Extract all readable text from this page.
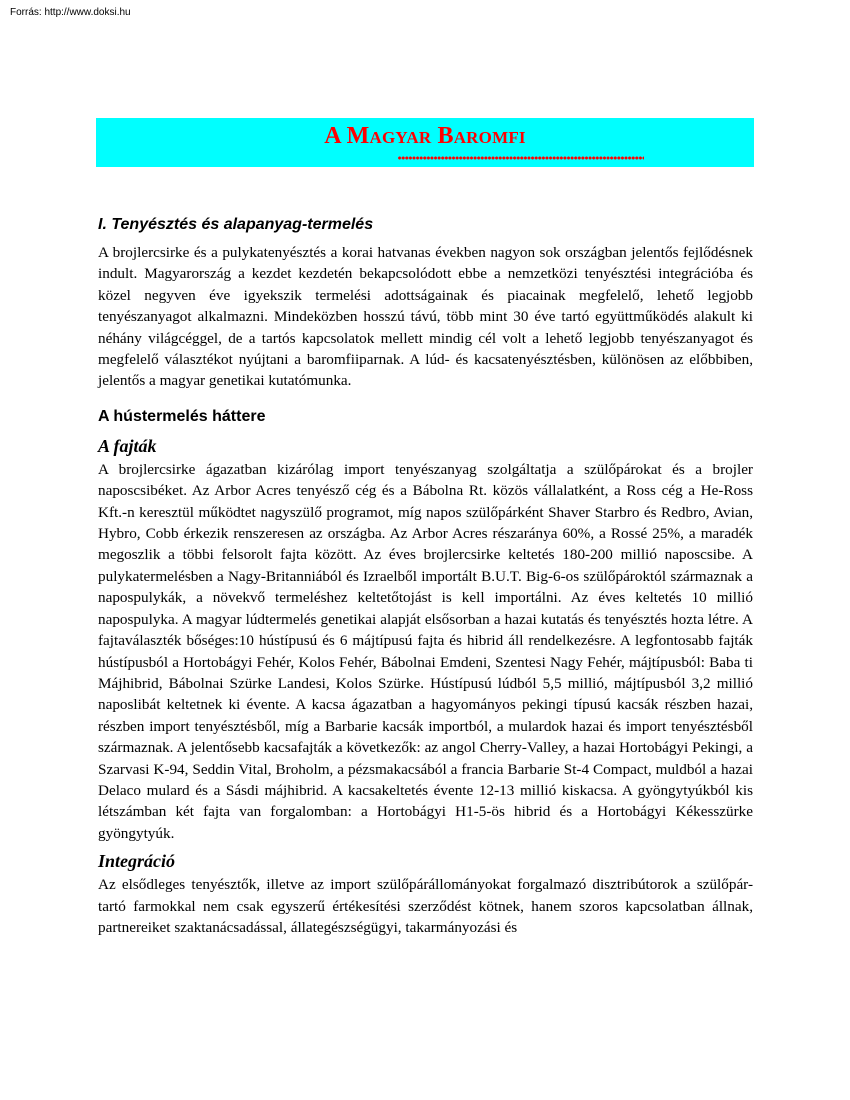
Forrás: http://www.doksi.hu
A Magyar Baromfi
I. Tenyésztés és alapanyag-termelés

A brojlercsirke és a pulykatenyésztés a korai hatvanas években nagyon sok országban jelentős fejlődésnek indult. Magyarország a kezdet kezdetén bekapcsolódott ebbe a nemzetközi tenyésztési integrációba és közel negyven éve igyekszik termelési adottságainak és piacainak megfelelő, lehető legjobb tenyészanyagot alkalmazni. Mindeközben hosszú távú, több mint 30 éve tartó együttműködés alakult ki néhány világcéggel, de a tartós kapcsolatok mellett mindig cél volt a lehető legjobb tenyészanyagot és megfelelő választékot nyújtani a baromfiiparnak. A lúd- és kacsatenyésztésben, különösen az előbbiben, jelentős a magyar genetikai kutatómunka.

A hústermelés háttere
A fajták

A brojlercsirke ágazatban kizárólag import tenyészanyag szolgáltatja a szülőpárokat és a brojler naposcsibéket. Az Arbor Acres tenyésző cég és a Bábolna Rt. közös vállalatként, a Ross cég a He-Ross Kft.-n keresztül működtet nagyszülő programot, míg napos szülőpárként Shaver Starbro és Redbro, Avian, Hybro, Cobb érkezik renszeresen az országba. Az Arbor Acres részaránya 60%, a Rossé 25%, a maradék megoszlik a többi felsorolt fajta között. Az éves brojlercsirke keltetés 180-200 millió naposcsibe. A pulykatermelésben a Nagy-Britanniából és Izraelből importált B.U.T. Big-6-os szülőpároktól származnak a napospulykák, a növekvő termeléshez keltetőtojást is kell importálni. Az éves keltetés 10 millió napospulyka. A magyar lúdtermelés genetikai alapját elsősorban a hazai kutatás és tenyésztés hozta létre. A fajtaválaszték bőséges:10 hústípusú és 6 májtípusú fajta és hibrid áll rendelkezésre. A legfontosabb fajták hústípusból a Hortobágyi Fehér, Kolos Fehér, Bábolnai Emdeni, Szentesi Nagy Fehér, májtípusból: Baba ti Májhibrid, Bábolnai Szürke Landesi, Kolos Szürke. Hústípusú lúdból 5,5 millió, májtípusból 3,2 millió naposlibát keltetnek ki évente. A kacsa ágazatban a hagyományos pekingi típusú kacsák részben hazai, részben import tenyésztésből, míg a Barbarie kacsák importból, a mulardok hazai és import tenyésztésből származnak. A jelentősebb kacsafajták a következők: az angol Cherry-Valley, a hazai Hortobágyi Pekingi, a Szarvasi K-94, Seddin Vital, Broholm, a pézsmakacsából a francia Barbarie St-4 Compact, muldból a hazai Delaco mulard és a Sásdi májhibrid. A kacsakeltetés évente 12-13 millió kiskacsa. A gyöngytyúkból kis létszámban két fajta van forgalomban: a Hortobágyi H1-5-ös hibrid és a Hortobágyi Kékesszürke gyöngytyúk.

Integráció

Az elsődleges tenyésztők, illetve az import szülőpárállományokat forgalmazó disztribútorok a szülőpár-tartó farmokkal nem csak egyszerű értékesítési szerződést kötnek, hanem szoros kapcsolatban állnak, partnereiket szaktanácsadással, állategészségügyi, takarmányozási és
